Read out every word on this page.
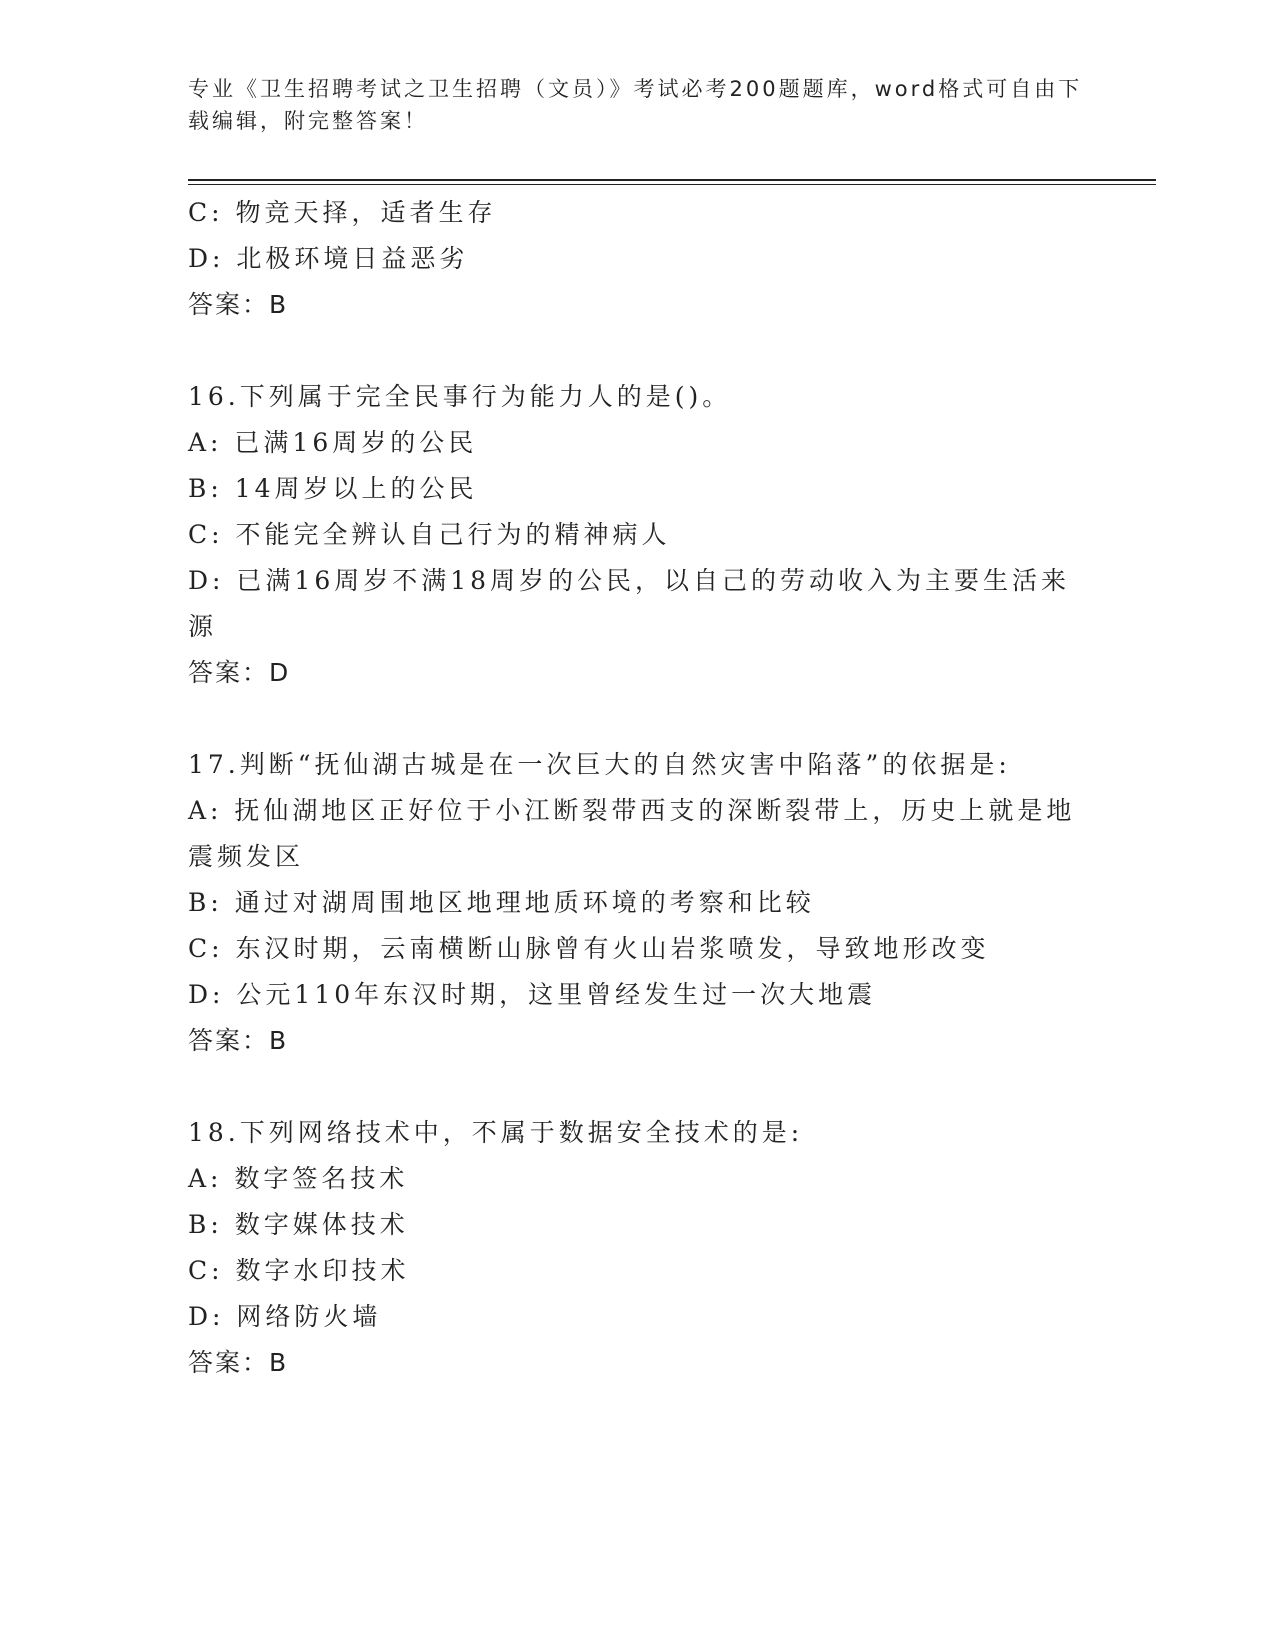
专业《卫生招聘考试之卫生招聘（文员）》考试必考200题题库，word格式可自由下载编辑，附完整答案！
C: 物竞天择，适者生存
D: 北极环境日益恶劣
答案：B
16.下列属于完全民事行为能力人的是()。
A: 已满16周岁的公民
B: 14周岁以上的公民
C: 不能完全辨认自己行为的精神病人
D: 已满16周岁不满18周岁的公民，以自己的劳动收入为主要生活来
源
答案：D
17.判断“抚仙湖古城是在一次巨大的自然灾害中陷落”的依据是:
A: 抚仙湖地区正好位于小江断裂带西支的深断裂带上，历史上就是地
震频发区
B: 通过对湖周围地区地理地质环境的考察和比较
C: 东汉时期，云南横断山脉曾有火山岩浆喷发，导致地形改变
D: 公元110年东汉时期，这里曾经发生过一次大地震
答案：B
18.下列网络技术中，不属于数据安全技术的是:
A: 数字签名技术
B: 数字媒体技术
C: 数字水印技术
D: 网络防火墙
答案：B
